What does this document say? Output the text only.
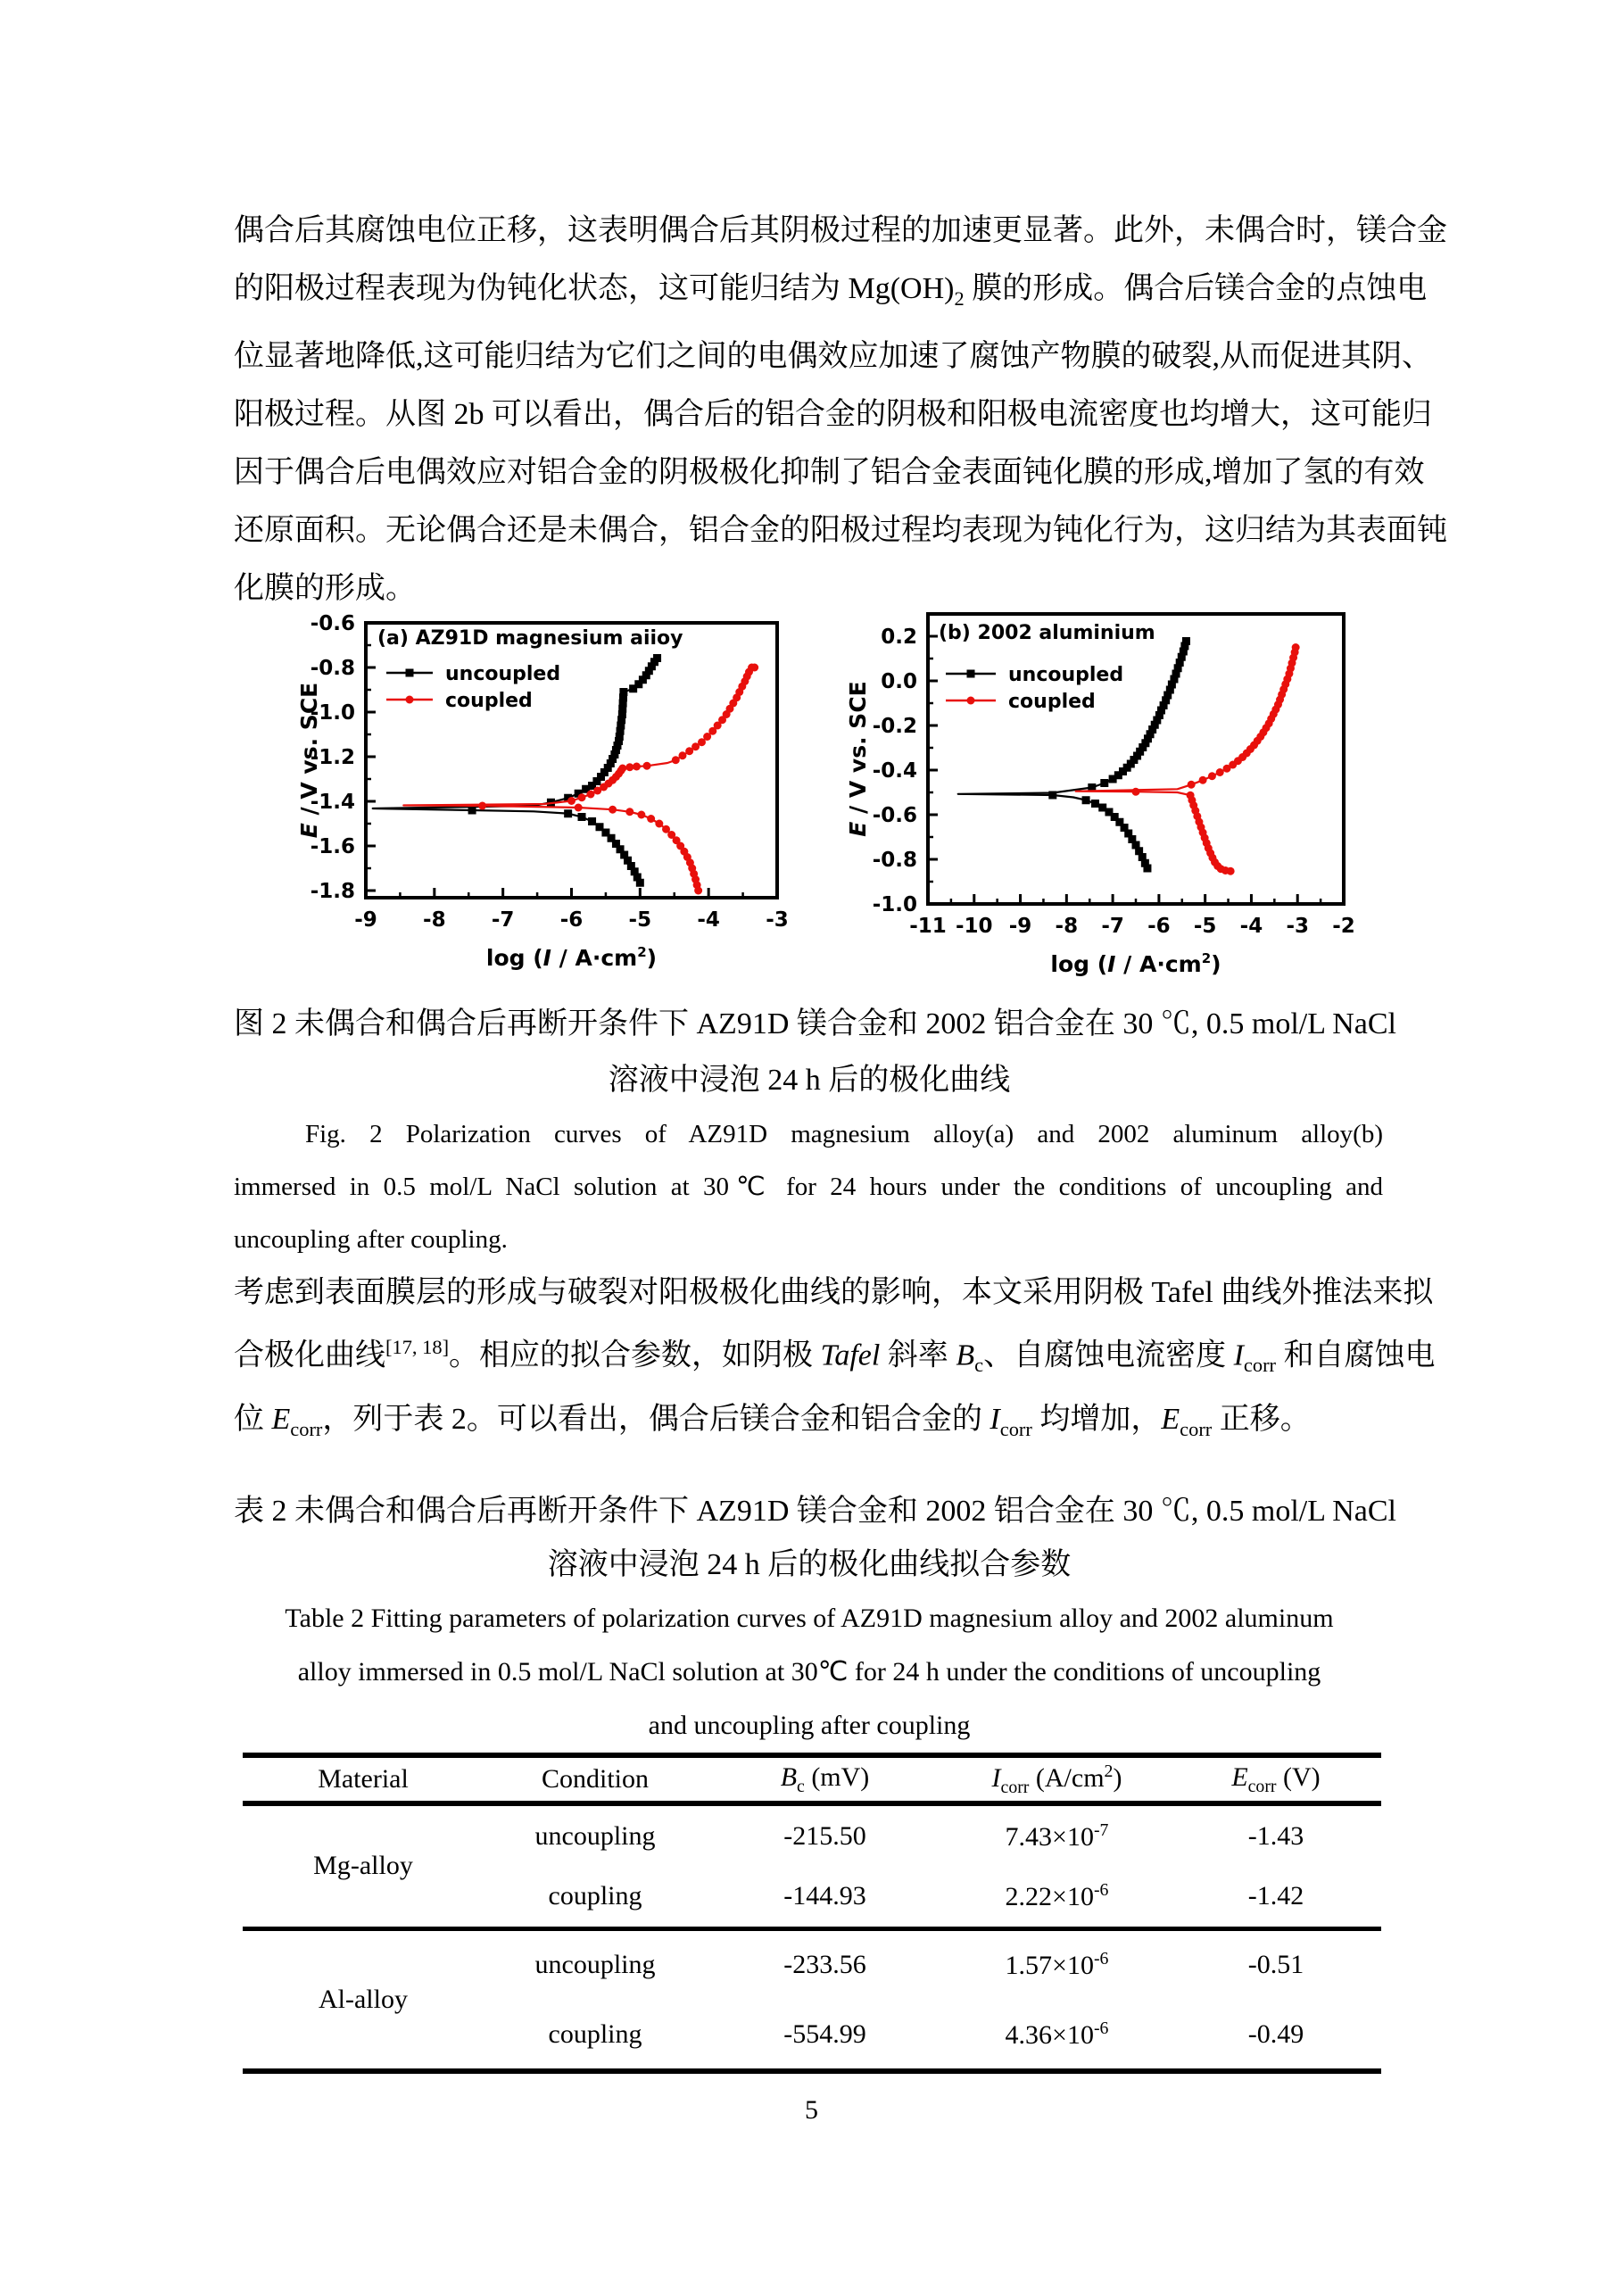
偶合后其腐蚀电位正移，这表明偶合后其阴极过程的加速更显著。此外，未偶合时，镁合金
的阳极过程表现为伪钝化状态，这可能归结为 $Mg(OH)_2$ 膜的形成。偶合后镁合金的点蚀电
位显著地降低,这可能归结为它们之间的电偶效应加速了腐蚀产物膜的破裂,从而促进其阴、
阳极过程。从图 2b 可以看出，偶合后的铝合金的阴极和阳极电流密度也均增大，这可能归
因于偶合后电偶效应对铝合金的阴极极化抑制了铝合金表面钝化膜的形成,增加了氢的有效
还原面积。无论偶合还是未偶合，铝合金的阳极过程均表现为钝化行为，这归结为其表面钝
化膜的形成。
-9 -8 -7 -6 -5 -4 -3
-0.6
-0.8
-1.0
-1.2
-1.4
-1.6
-1.8
$\log (I / A\cdot cm^2)$
E / V vs. SCE
(a) AZ91D magnesium aiioy
uncoupled
coupled
-11 -10 -9 -8 -7 -6 -5 -4 -3 -2
0.2
0.0
-0.2
-0.4
-0.6
-0.8
-1.0
$\log (I / A\cdot cm^2)$
E / V vs. SCE
(b) 2002 aluminium
uncoupled
coupled
图 2 未偶合和偶合后再断开条件下 AZ91D 镁合金和 2002 铝合金在 30 ℃, 0.5 mol/L NaCl
溶液中浸泡 24 h 后的极化曲线
Fig. 2 Polarization curves of AZ91D magnesium alloy(a) and 2002 aluminum alloy(b)
immersed in 0.5 mol/L NaCl solution at 30℃ for 24 hours under the conditions of uncoupling and
uncoupling after coupling.
考虑到表面膜层的形成与破裂对阳极极化曲线的影响，本文采用阴极 Tafel 曲线外推法来拟
合极化曲线[17, 18]。相应的拟合参数，如阴极 Tafel 斜率 $B_c$、自腐蚀电流密度 $I_{corr}$ 和自腐蚀电
位 $E_{corr}$，列于表 2。可以看出，偶合后镁合金和铝合金的 $I_{corr}$ 均增加，$E_{corr}$ 正移。
表 2 未偶合和偶合后再断开条件下 AZ91D 镁合金和 2002 铝合金在 30 ℃, 0.5 mol/L NaCl
溶液中浸泡 24 h 后的极化曲线拟合参数
Table 2 Fitting parameters of polarization curves of AZ91D magnesium alloy and 2002 aluminum
alloy immersed in 0.5 mol/L NaCl solution at 30℃ for 24 h under the conditions of uncoupling
and uncoupling after coupling
Material	Condition	$B_c$ (mV)	$I_{corr}$ $(A/cm^2)$	$E_{corr}$ (V)
Mg-alloy	uncoupling	-215.50	$7.43\times 10^{-7}$	-1.43
	coupling	-144.93	$2.22\times 10^{-6}$	-1.42
Al-alloy	uncoupling	-233.56	$1.57\times 10^{-6}$	-0.51
	coupling	-554.99	$4.36\times 10^{-6}$	-0.49
5
